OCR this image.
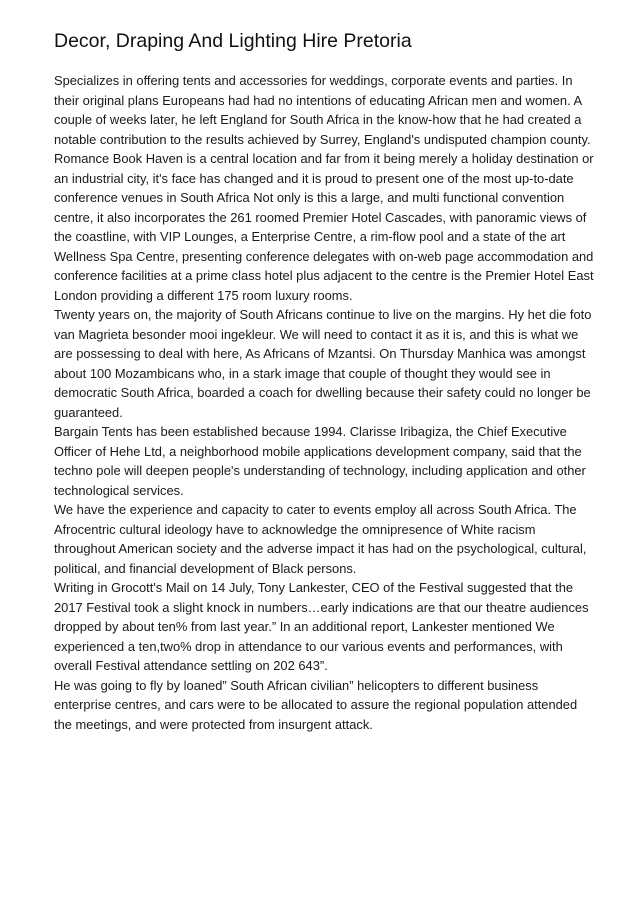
Decor, Draping And Lighting Hire Pretoria

Specializes in offering tents and accessories for weddings, corporate events and parties. In their original plans Europeans had had no intentions of educating African men and women. A couple of weeks later, he left England for South Africa in the know-how that he had created a notable contribution to the results achieved by Surrey, England's undisputed champion county.

Romance Book Haven is a central location and far from it being merely a holiday destination or an industrial city, it's face has changed and it is proud to present one of the most up-to-date conference venues in South Africa Not only is this a large, and multi functional convention centre, it also incorporates the 261 roomed Premier Hotel Cascades, with panoramic views of the coastline, with VIP Lounges, a Enterprise Centre, a rim-flow pool and a state of the art Wellness Spa Centre, presenting conference delegates with on-web page accommodation and conference facilities at a prime class hotel plus adjacent to the centre is the Premier Hotel East London providing a different 175 room luxury rooms.

Twenty years on, the majority of South Africans continue to live on the margins. Hy het die foto van Magrieta besonder mooi ingekleur. We will need to contact it as it is, and this is what we are possessing to deal with here, As Africans of Mzantsi. On Thursday Manhica was amongst about 100 Mozambicans who, in a stark image that couple of thought they would see in democratic South Africa, boarded a coach for dwelling because their safety could no longer be guaranteed.

Bargain Tents has been established because 1994. Clarisse Iribagiza, the Chief Executive Officer of Hehe Ltd, a neighborhood mobile applications development company, said that the techno pole will deepen people's understanding of technology, including application and other technological services.

We have the experience and capacity to cater to events employ all across South Africa. The Afrocentric cultural ideology have to acknowledge the omnipresence of White racism throughout American society and the adverse impact it has had on the psychological, cultural, political, and financial development of Black persons.

Writing in Grocott's Mail on 14 July, Tony Lankester, CEO of the Festival suggested that the 2017 Festival took a slight knock in numbers…early indications are that our theatre audiences dropped by about ten% from last year.” In an additional report, Lankester mentioned We experienced a ten,two% drop in attendance to our various events and performances, with overall Festival attendance settling on 202 643”.

He was going to fly by loaned” South African civilian” helicopters to different business enterprise centres, and cars were to be allocated to assure the regional population attended the meetings, and were protected from insurgent attack.
